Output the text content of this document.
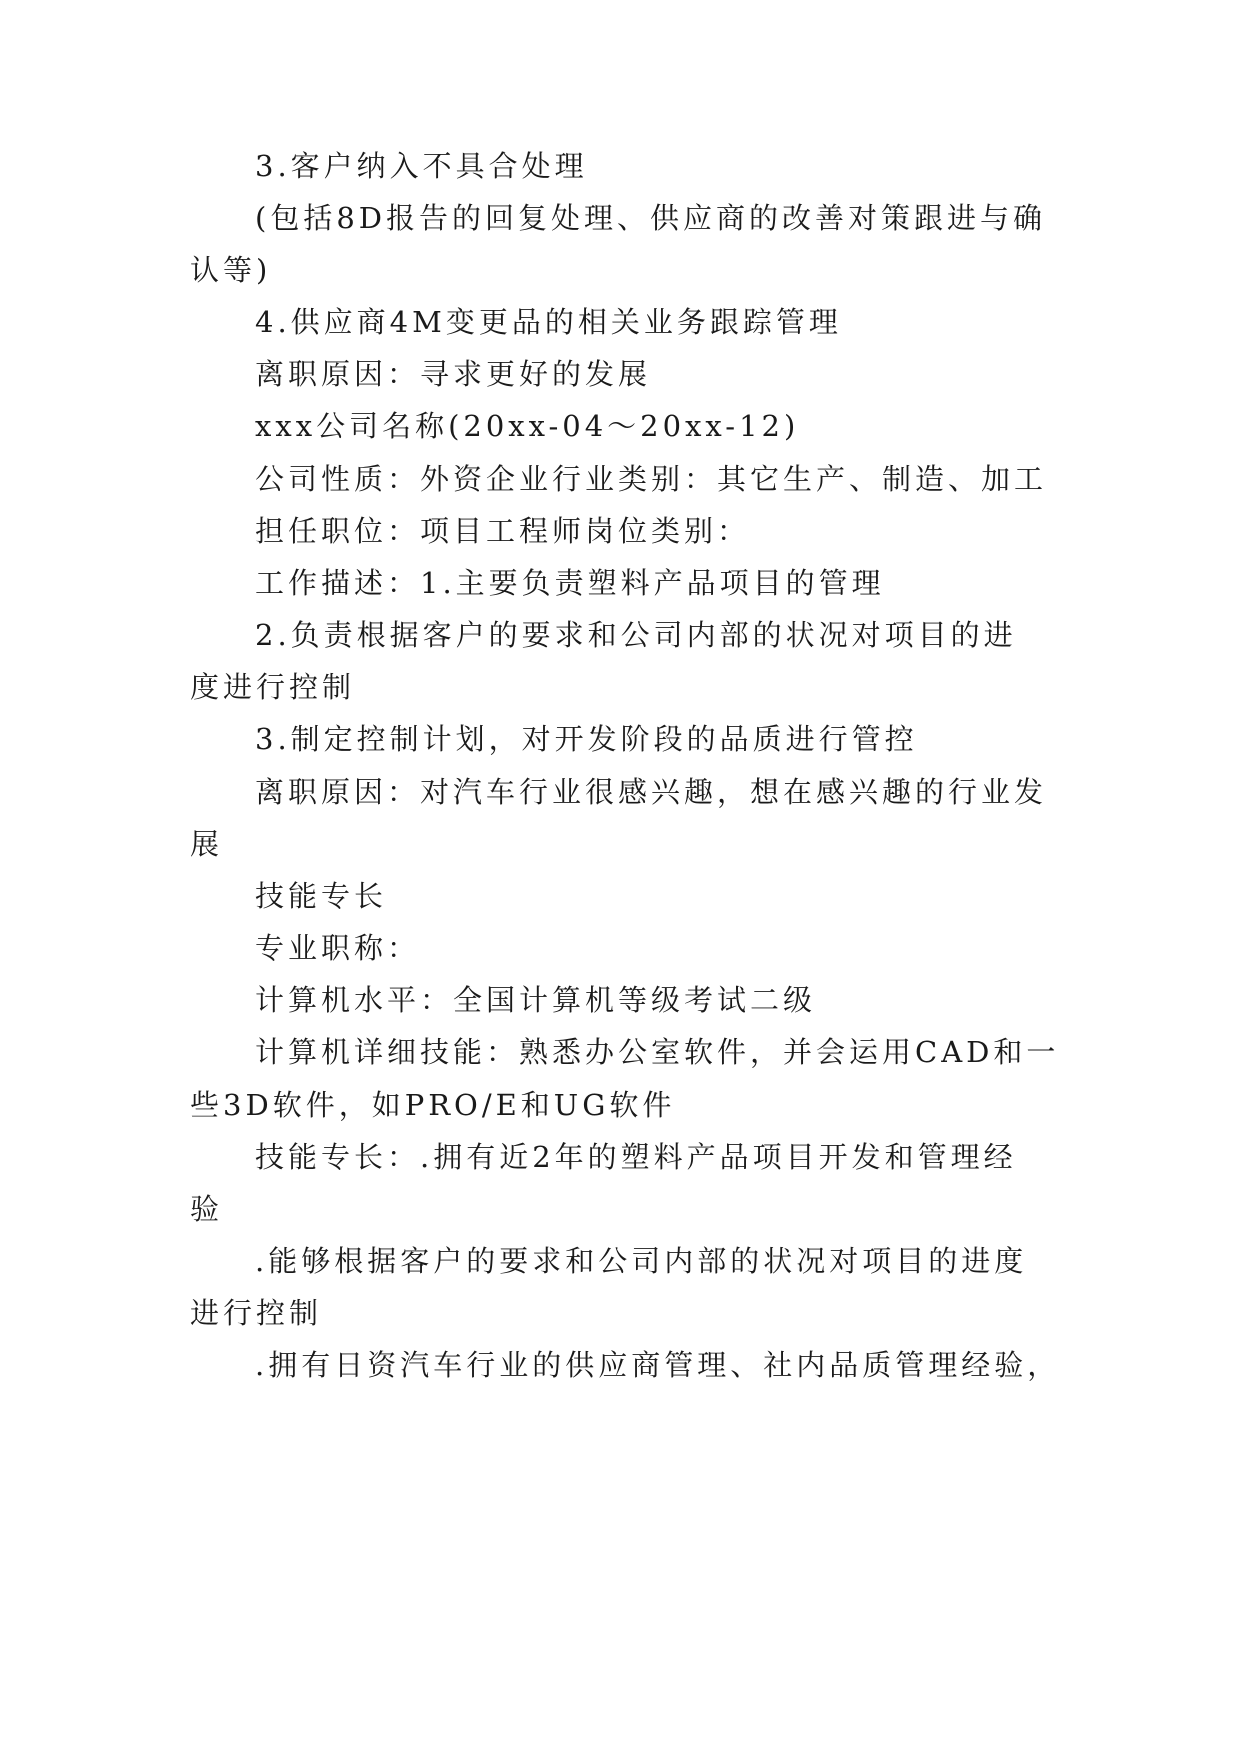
3.客户纳入不具合处理
(包括8D报告的回复处理、供应商的改善对策跟进与确
认等)
4.供应商4M变更品的相关业务跟踪管理
离职原因：寻求更好的发展
xxx公司名称(20xx-04～20xx-12)
公司性质：外资企业行业类别：其它生产、制造、加工
担任职位：项目工程师岗位类别：
工作描述：1.主要负责塑料产品项目的管理
2.负责根据客户的要求和公司内部的状况对项目的进
度进行控制
3.制定控制计划，对开发阶段的品质进行管控
离职原因：对汽车行业很感兴趣，想在感兴趣的行业发
展
技能专长
专业职称：
计算机水平：全国计算机等级考试二级
计算机详细技能：熟悉办公室软件，并会运用CAD和一
些3D软件，如PRO/E和UG软件
技能专长：.拥有近2年的塑料产品项目开发和管理经
验
.能够根据客户的要求和公司内部的状况对项目的进度
进行控制
.拥有日资汽车行业的供应商管理、社内品质管理经验，
